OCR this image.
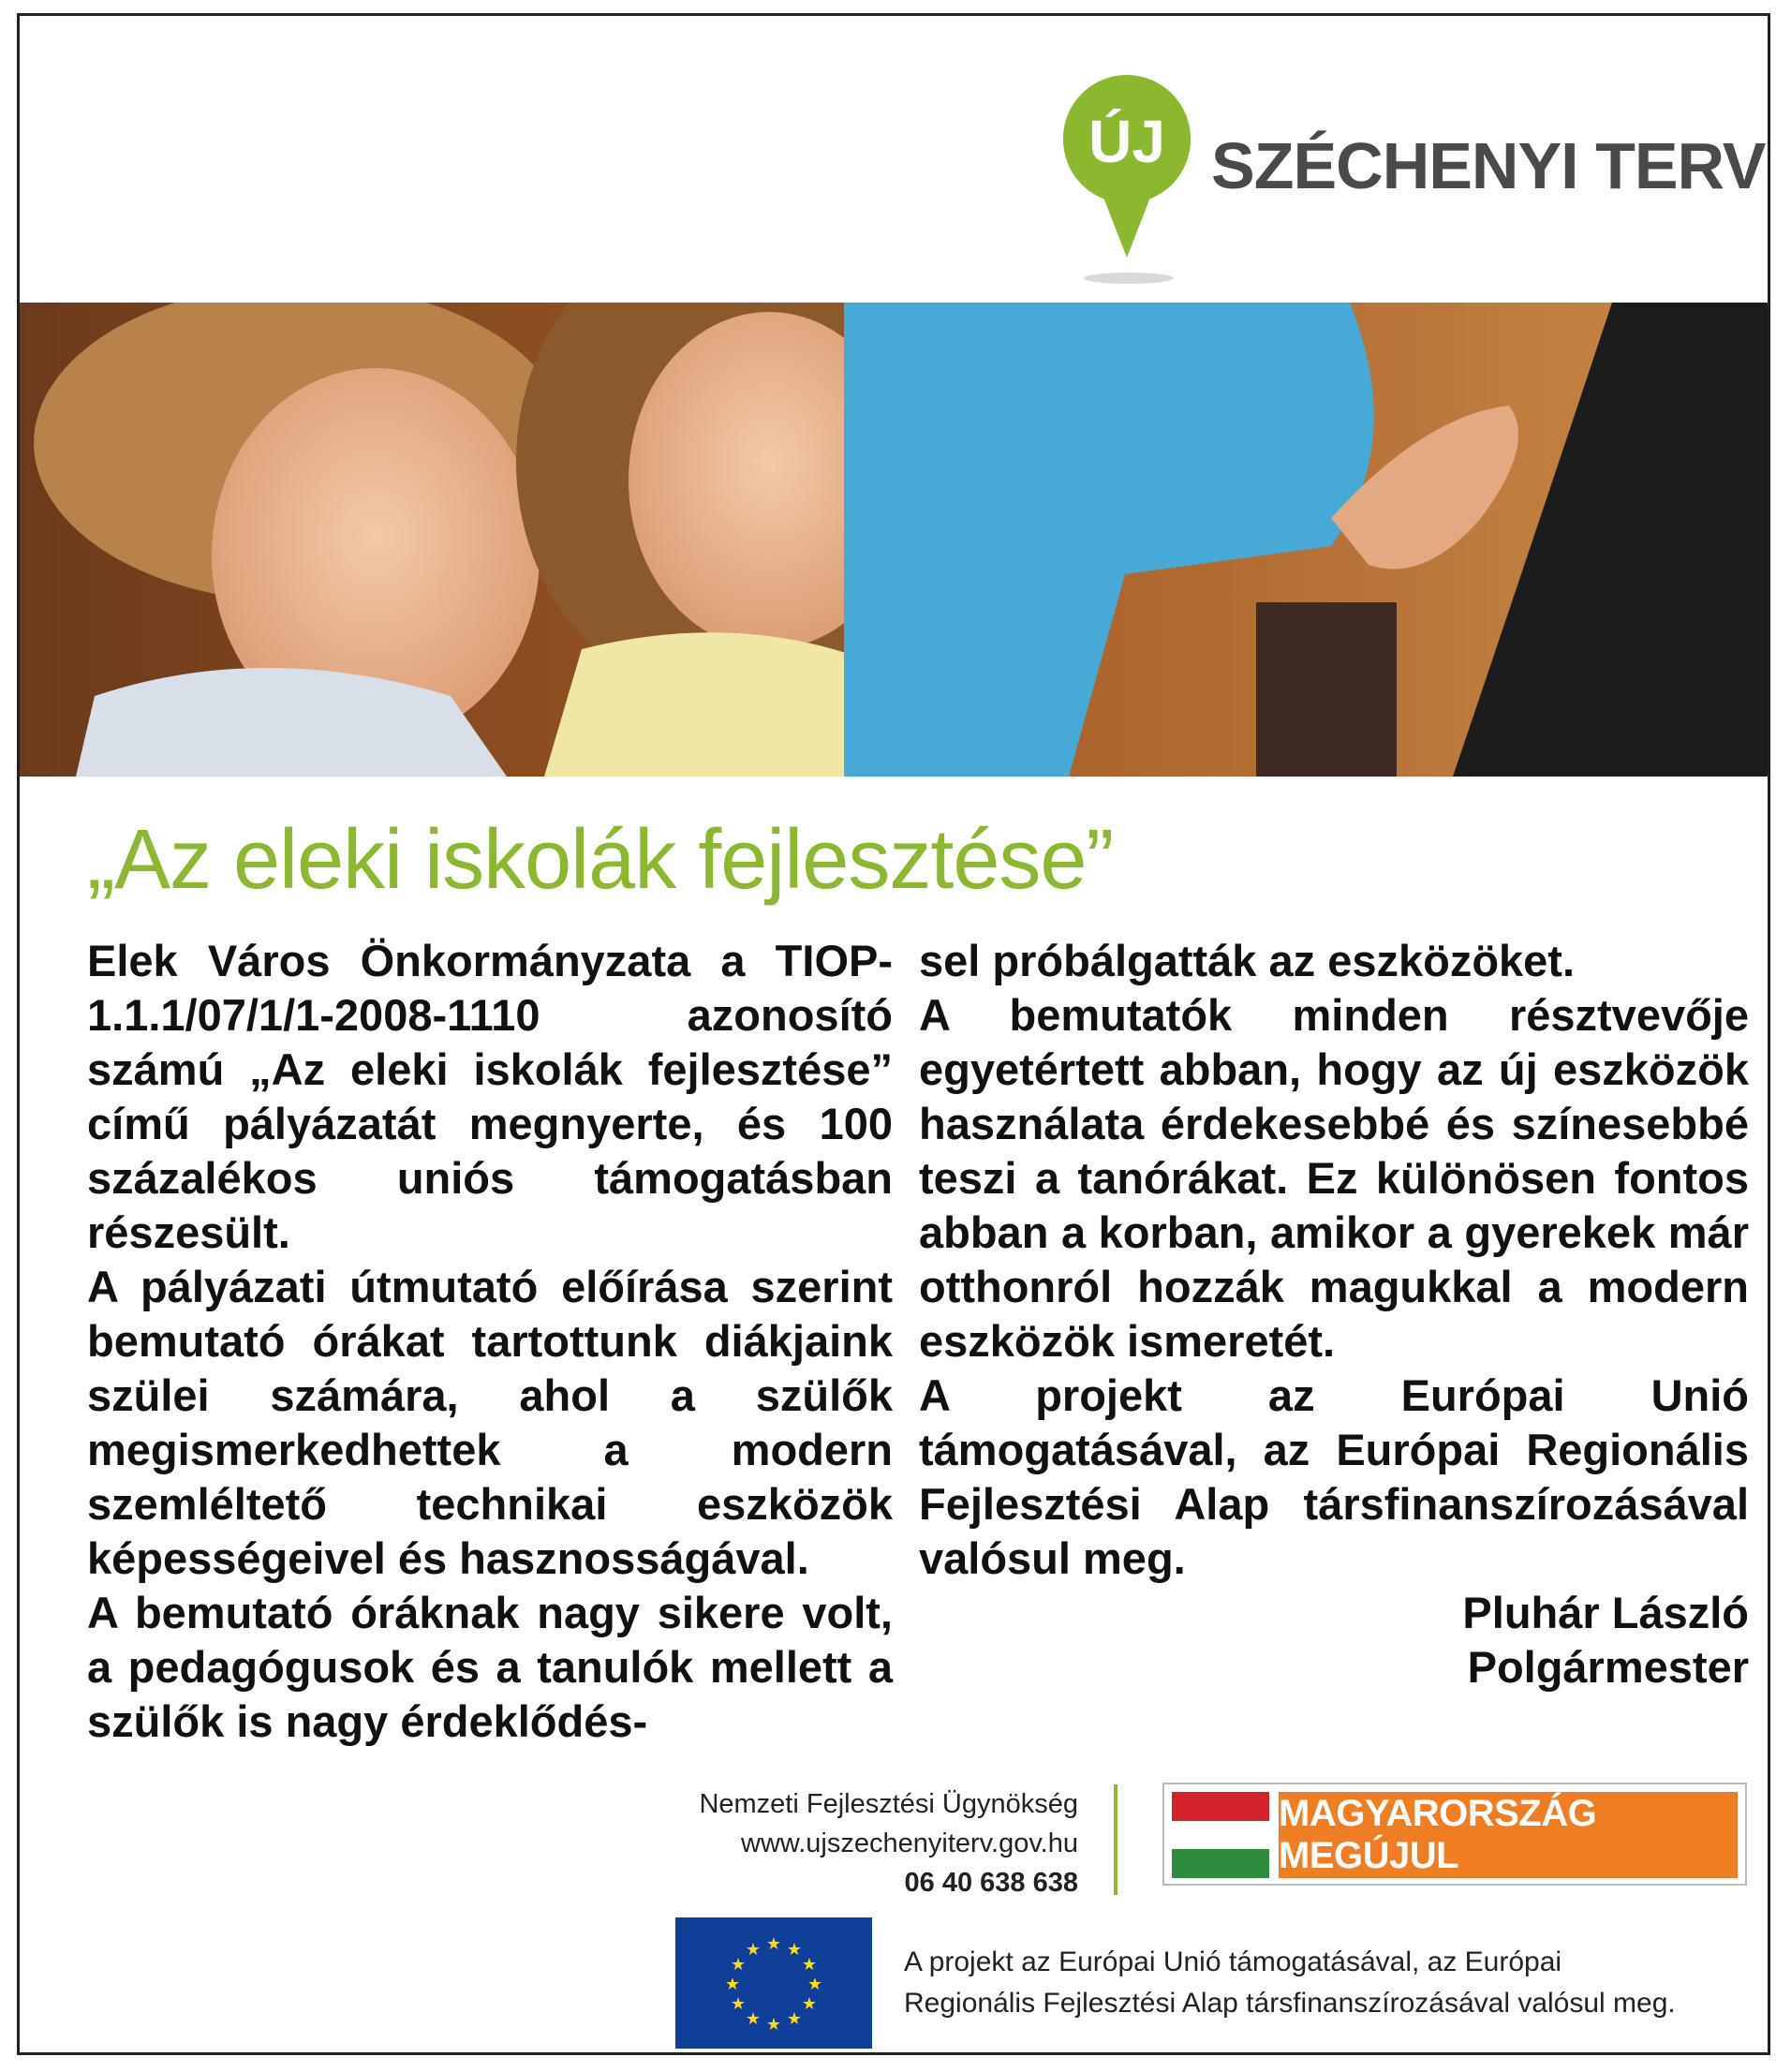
ÚJ SZÉCHENYI TERV
„Az eleki iskolák fejlesztése”

Elek Város Önkormányzata a TIOP-1.1.1/07/1/1-2008-1110 azonosító számú „Az eleki iskolák fejlesztése” című pályázatát megnyerte, és 100 százalékos uniós támogatásban részesült.

A pályázati útmutató előírása szerint bemutató órákat tartottunk diákjaink szülei számára, ahol a szülők megismerkedhettek a modern szemléltető technikai eszközök képességeivel és hasznosságával.

A bemutató óráknak nagy sikere volt, a pedagógusok és a tanulók mellett a szülők is nagy érdeklődés-

sel próbálgatták az eszközöket.

A bemutatók minden résztvevője egyetértett abban, hogy az új eszközök használata érdekesebbé és színesebbé teszi a tanórákat. Ez különösen fontos abban a korban, amikor a gyerekek már otthonról hozzák magukkal a modern eszközök ismeretét.

A projekt az Európai Unió támogatásával, az Európai Regionális Fejlesztési Alap társfinanszírozásával valósul meg.

Pluhár László

Polgármester

Nemzeti Fejlesztési Ügynökség
www.ujszechenyiterv.gov.hu
06 40 638 638
MAGYARORSZÁG MEGÚJUL
★ ★
★
★
★
★
★
★
★
★
★
★	A projekt az Európai Unió támogatásával, az Európai
Regionális Fejlesztési Alap társfinanszírozásával valósul meg.
